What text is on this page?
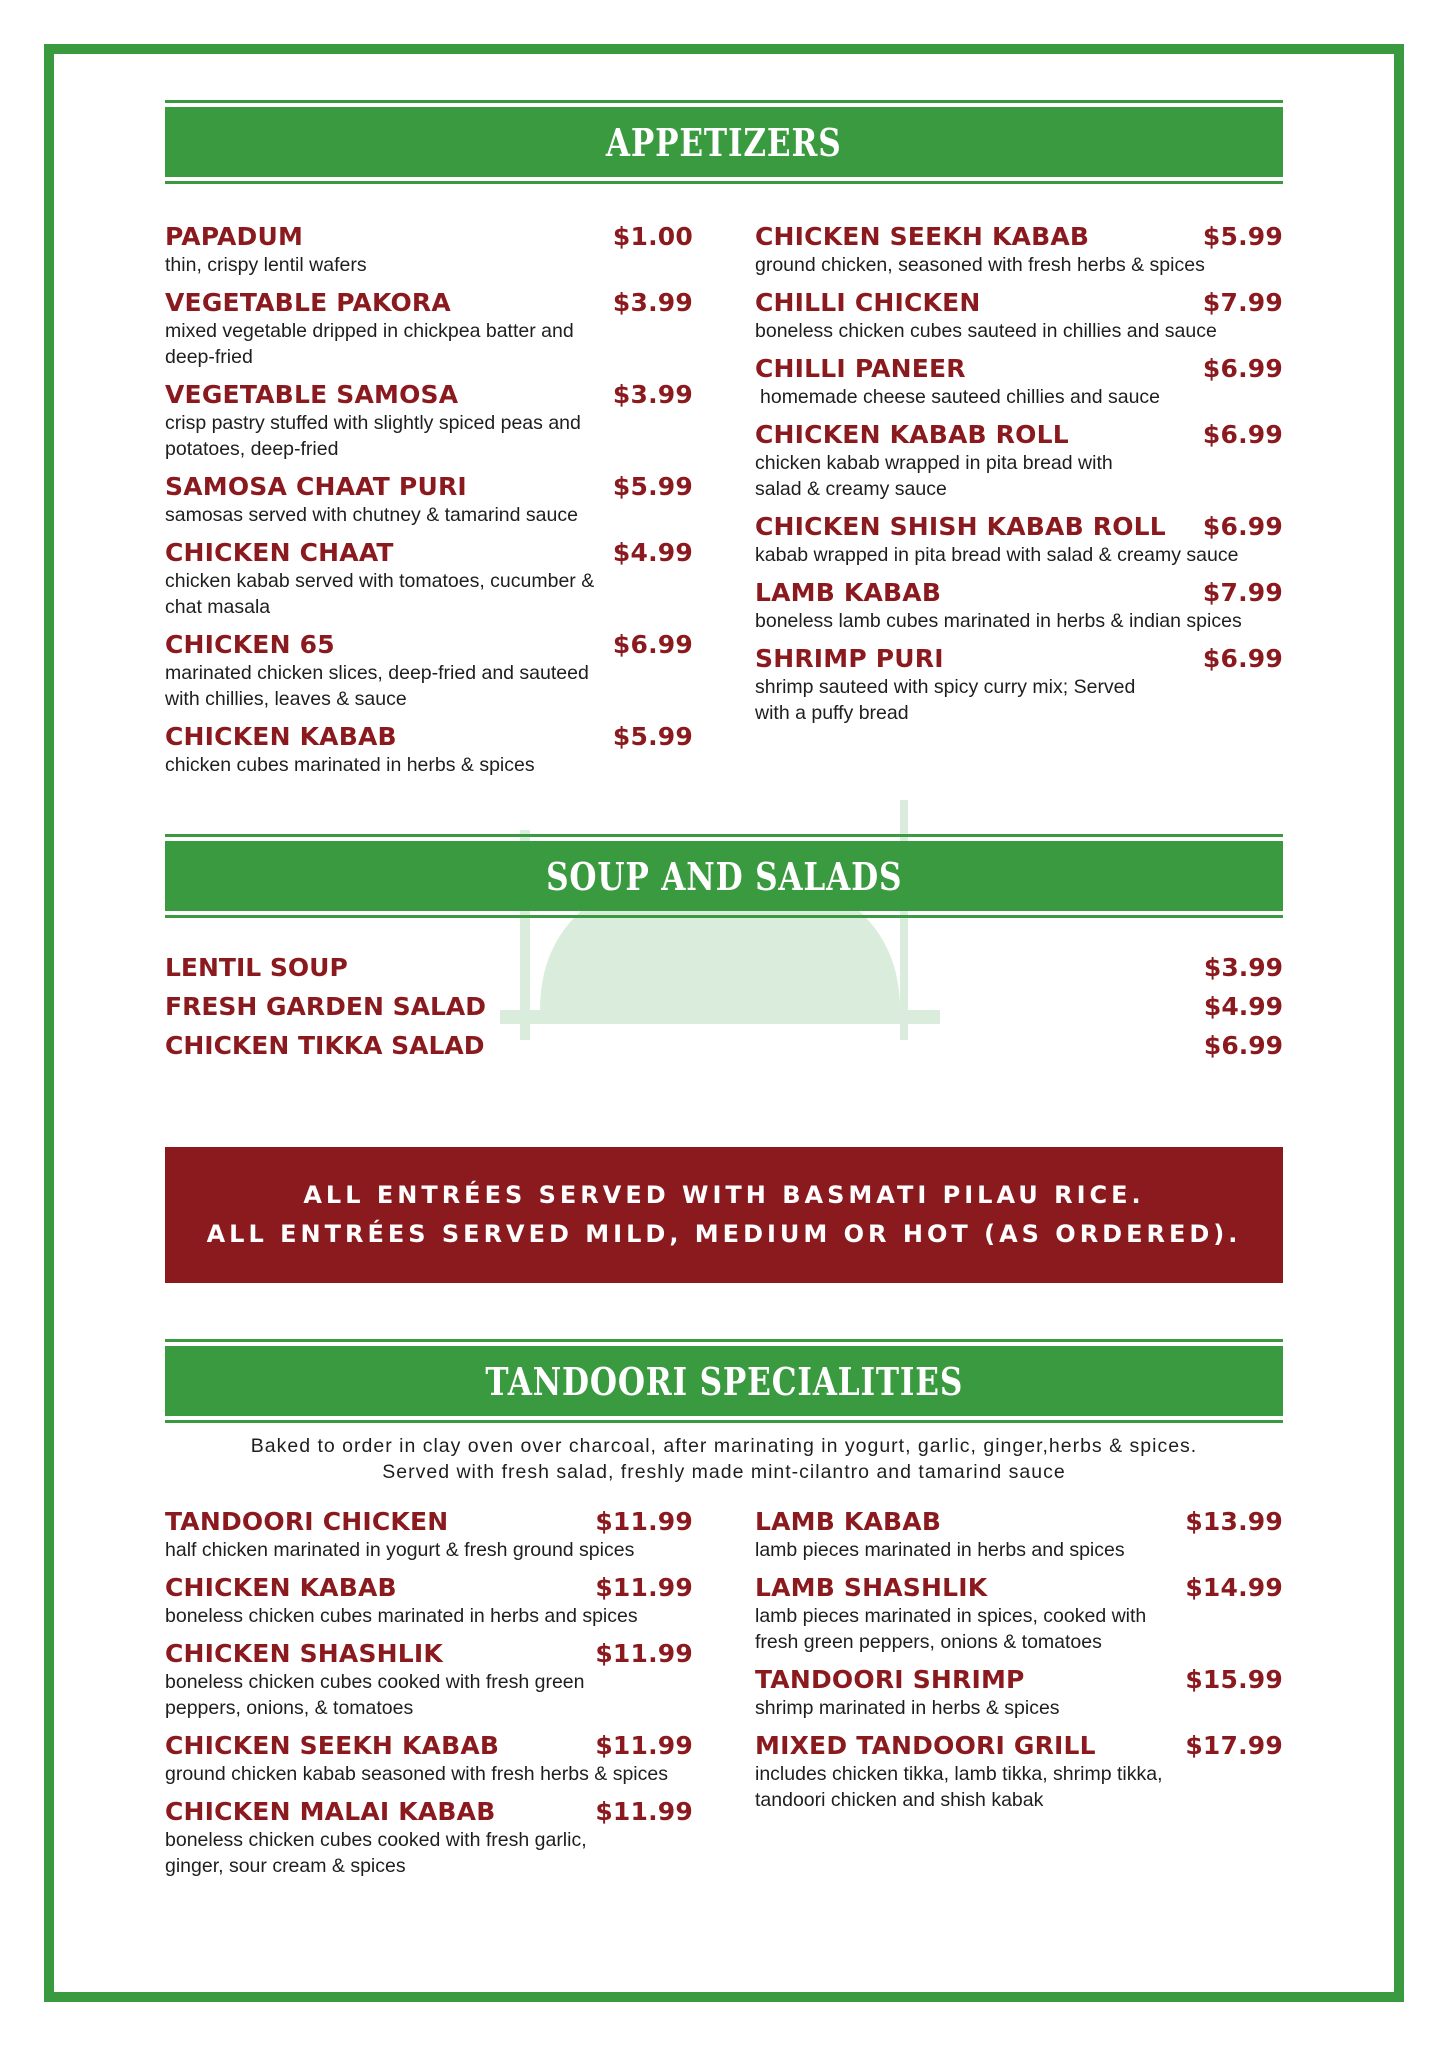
APPETIZERS
PAPADUM	$1.00
thin, crispy lentil wafers
VEGETABLE PAKORA	$3.99
mixed vegetable dripped in chickpea batter and deep-fried
VEGETABLE SAMOSA	$3.99
crisp pastry stuffed with slightly spiced peas and potatoes, deep-fried
SAMOSA CHAAT PURI	$5.99
samosas served with chutney & tamarind sauce
CHICKEN CHAAT	$4.99
chicken kabab served with tomatoes, cucumber & chat masala
CHICKEN 65	$6.99
marinated chicken slices, deep-fried and sauteed with chillies, leaves & sauce
CHICKEN KABAB	$5.99
chicken cubes marinated in herbs & spices
CHICKEN SEEKH KABAB	$5.99
ground chicken, seasoned with fresh herbs & spices
CHILLI CHICKEN	$7.99
boneless chicken cubes sauteed in chillies and sauce
CHILLI PANEER	$6.99
homemade cheese sauteed chillies and sauce
CHICKEN KABAB ROLL	$6.99
chicken kabab wrapped in pita bread with salad & creamy sauce
CHICKEN SHISH KABAB ROLL $6.99
kabab wrapped in pita bread with salad & creamy sauce
LAMB KABAB	$7.99
boneless lamb cubes marinated in herbs & indian spices
SHRIMP PURI	$6.99
shrimp sauteed with spicy curry mix; Served with a puffy bread
SOUP AND SALADS
LENTIL SOUP	$3.99
FRESH GARDEN SALAD	$4.99
CHICKEN TIKKA SALAD	$6.99
ALL ENTRÉES SERVED WITH BASMATI PILAU RICE.
ALL ENTRÉES SERVED MILD, MEDIUM OR HOT (AS ORDERED).
TANDOORI SPECIALITIES
Baked to order in clay oven over charcoal, after marinating in yogurt, garlic, ginger,herbs & spices.
Served with fresh salad, freshly made mint-cilantro and tamarind sauce
TANDOORI CHICKEN	$11.99
half chicken marinated in yogurt & fresh ground spices
CHICKEN KABAB	$11.99
boneless chicken cubes marinated in herbs and spices
CHICKEN SHASHLIK	$11.99
boneless chicken cubes cooked with fresh green peppers, onions, & tomatoes
CHICKEN SEEKH KABAB	$11.99
ground chicken kabab seasoned with fresh herbs & spices
CHICKEN MALAI KABAB	$11.99
boneless chicken cubes cooked with fresh garlic, ginger, sour cream & spices
LAMB KABAB	$13.99
lamb pieces marinated in herbs and spices
LAMB SHASHLIK	$14.99
lamb pieces marinated in spices, cooked with fresh green peppers, onions & tomatoes
TANDOORI SHRIMP	$15.99
shrimp marinated in herbs & spices
MIXED TANDOORI GRILL	$17.99
includes chicken tikka, lamb tikka, shrimp tikka, tandoori chicken and shish kabak
